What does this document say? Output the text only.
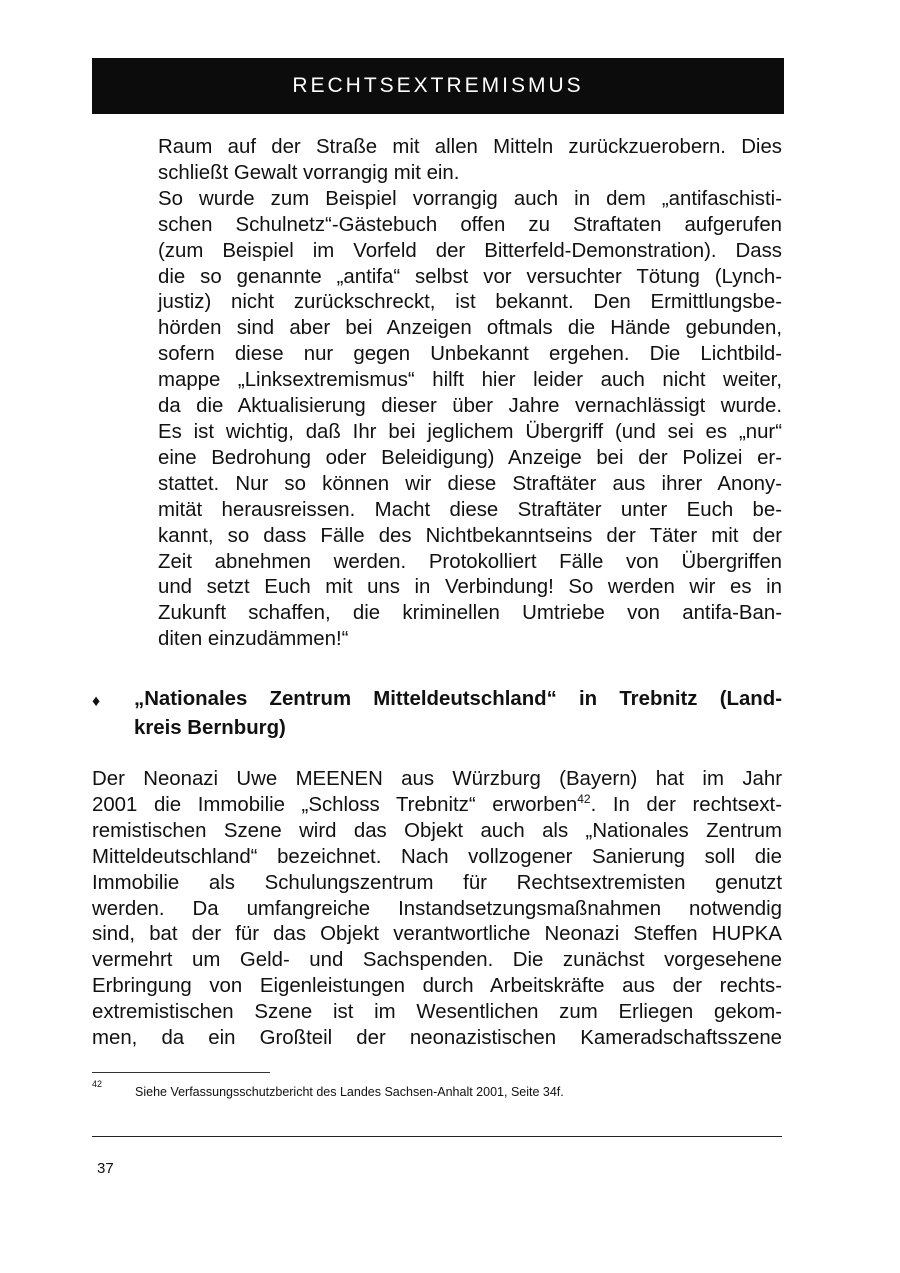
RECHTSEXTREMISMUS

Raum auf der Straße mit allen Mitteln zurückzuerobern. Dies
schließt Gewalt vorrangig mit ein.
So wurde zum Beispiel vorrangig auch in dem „antifaschisti-
schen Schulnetz“-Gästebuch offen zu Straftaten aufgerufen
(zum Beispiel im Vorfeld der Bitterfeld-Demonstration). Dass
die so genannte „antifa“ selbst vor versuchter Tötung (Lynch-
justiz) nicht zurückschreckt, ist bekannt. Den Ermittlungsbe-
hörden sind aber bei Anzeigen oftmals die Hände gebunden,
sofern diese nur gegen Unbekannt ergehen. Die Lichtbild-
mappe „Linksextremismus“ hilft hier leider auch nicht weiter,
da die Aktualisierung dieser über Jahre vernachlässigt wurde.
Es ist wichtig, daß Ihr bei jeglichem Übergriff (und sei es „nur“
eine Bedrohung oder Beleidigung) Anzeige bei der Polizei er-
stattet. Nur so können wir diese Straftäter aus ihrer Anony-
mität herausreissen. Macht diese Straftäter unter Euch be-
kannt, so dass Fälle des Nichtbekanntseins der Täter mit der
Zeit abnehmen werden. Protokolliert Fälle von Übergriffen
und setzt Euch mit uns in Verbindung! So werden wir es in
Zukunft schaffen, die kriminellen Umtriebe von antifa-Ban-
diten einzudämmen!“

♦ „Nationales Zentrum Mitteldeutschland“ in Trebnitz (Land-
kreis Bernburg)

Der Neonazi Uwe MEENEN aus Würzburg (Bayern) hat im Jahr
2001 die Immobilie „Schloss Trebnitz“ erworben$^{42}$. In der rechtsext-
remistischen Szene wird das Objekt auch als „Nationales Zentrum
Mitteldeutschland“ bezeichnet. Nach vollzogener Sanierung soll die
Immobilie als Schulungszentrum für Rechtsextremisten genutzt
werden. Da umfangreiche Instandsetzungsmaßnahmen notwendig
sind, bat der für das Objekt verantwortliche Neonazi Steffen HUPKA
vermehrt um Geld- und Sachspenden. Die zunächst vorgesehene
Erbringung von Eigenleistungen durch Arbeitskräfte aus der rechts-
extremistischen Szene ist im Wesentlichen zum Erliegen gekom-
men, da ein Großteil der neonazistischen Kameradschaftsszene

42
Siehe Verfassungsschutzbericht des Landes Sachsen-Anhalt 2001, Seite 34f.
37
